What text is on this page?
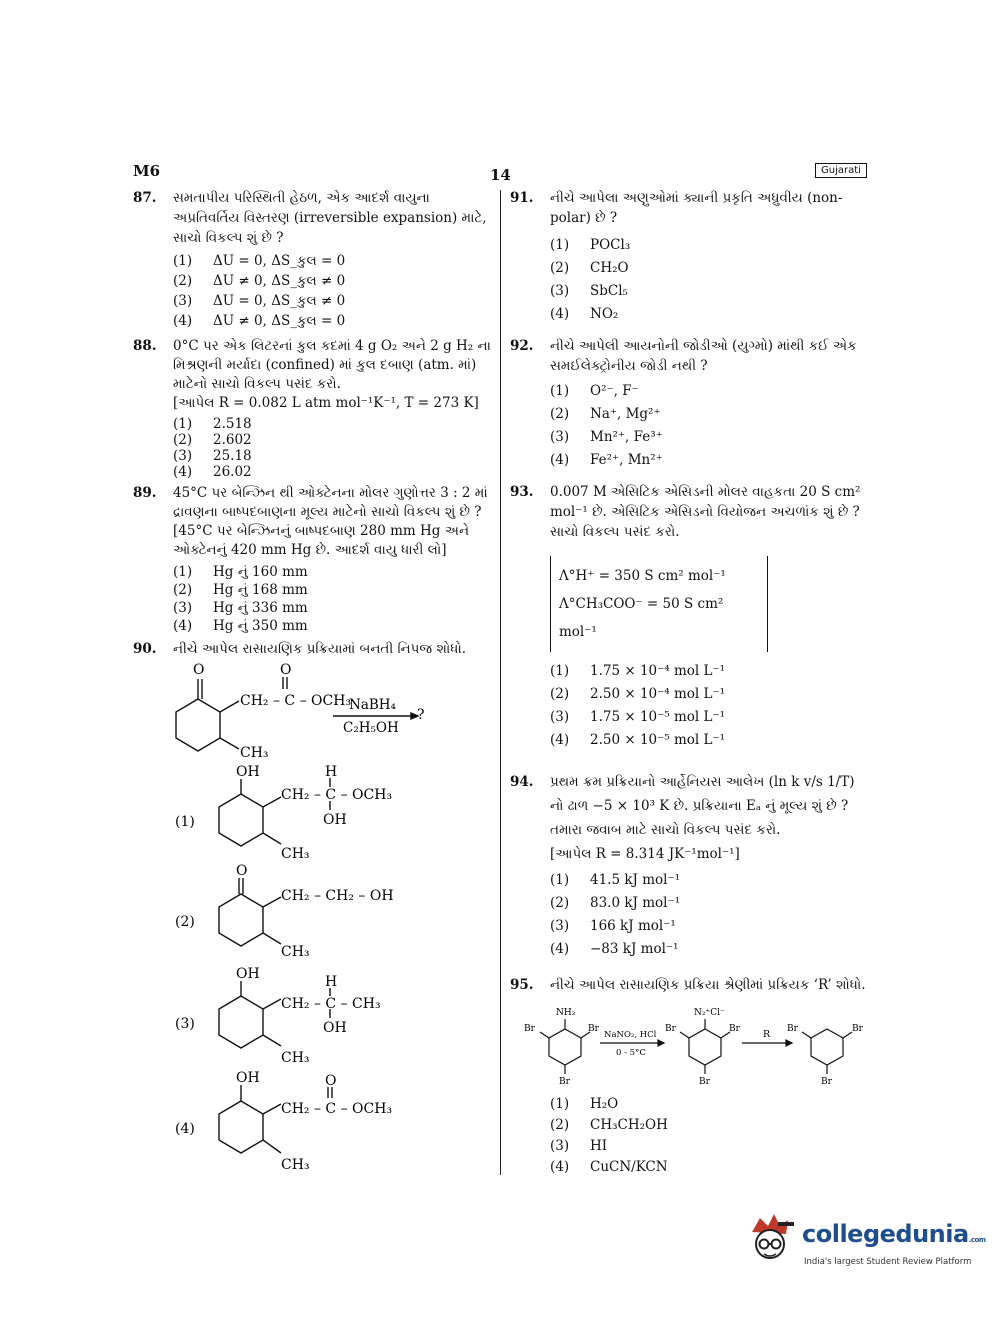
M6	14	Gujarati
87. સમતાપીય પરિસ્થિતી હેઠળ, એક આદર્શ વાયુના અપ્રતિવર્તિય વિસ્તરણ (irreversible expansion) માટે, સાચો વિકલ્પ શું છે ?
(1)	ΔU = 0, ΔS_કુલ = 0
(2)	ΔU ≠ 0, ΔS_કુલ ≠ 0
(3)	ΔU = 0, ΔS_કુલ ≠ 0
(4)	ΔU ≠ 0, ΔS_કુલ = 0
88. 0°C પર એક લિટરનાં કુલ કદમાં 4 g O₂ અને 2 g H₂ ના મિશ્રણની મર્યાદા (confined) માં કુલ દબાણ (atm. માં) માટેનો સાચો વિકલ્પ પસંદ કરો.
[આપેલ R = 0.082 L atm mol⁻¹K⁻¹, T = 273 K]
(1)	2.518
(2)	2.602
(3)	25.18
(4)	26.02
89. 45°C પર બેન્ઝિન થી ઓક્ટેનના મોલર ગુણોત્તર 3 : 2 માં દ્રાવણના બાષ્પદબાણના મૂલ્ય માટેનો સાચો વિકલ્પ શું છે ?
[45°C પર બેન્ઝિનનું બાષ્પદબાણ 280 mm Hg અને ઓક્ટેનનું 420 mm Hg છે. આદર્શ વાયુ ધારી લો]
(1)	Hg નું 160 mm
(2)	Hg નું 168 mm
(3)	Hg નું 336 mm
(4)	Hg નું 350 mm
90. નીચે આપેલ રાસાયણિક પ્રક્રિયામાં બનતી નિપજ શોધો.
O	O
CH₂ – C – OCH₃
CH₃
NaBH₄
C₂H₅OH
?
(1)
OH	H
CH₂ – C – OCH₃
OH
CH₃
(2)
O
CH₂ – CH₂ – OH
CH₃
(3)
OH	H
CH₂ – C – CH₃
OH
CH₃
(4)
OH	O
CH₂ – C – OCH₃
CH₃
91. નીચે આપેલા અણુઓમાં ક્યાની પ્રકૃતિ અધ્રુવીય (non-polar) છે ?
(1)	POCl₃
(2)	CH₂O
(3)	SbCl₅
(4)	NO₂
92. નીચે આપેલી આયનોની જોડીઓ (યુગ્મો) માંથી કઈ એક સમઈલેક્ટ્રોનીય જોડી નથી ?
(1)	O²⁻, F⁻
(2)	Na⁺, Mg²⁺
(3)	Mn²⁺, Fe³⁺
(4)	Fe²⁺, Mn²⁺
93. 0.007 M એસિટિક એસિડની મોલર વાહકતા 20 S cm² mol⁻¹ છે. એસિટિક એસિડનો વિયોજન અચળાંક શું છે ? સાચો વિકલ્પ પસંદ કરો.
Λ°H⁺ = 350 S cm² mol⁻¹
Λ°CH₃COO⁻ = 50 S cm² mol⁻¹
(1)	1.75 × 10⁻⁴ mol L⁻¹
(2)	2.50 × 10⁻⁴ mol L⁻¹
(3)	1.75 × 10⁻⁵ mol L⁻¹
(4)	2.50 × 10⁻⁵ mol L⁻¹
94. પ્રથમ ક્રમ પ્રક્રિયાનો આર્હેનિયસ આલેખ (ln k v/s 1/T) નો ઢાળ −5 × 10³ K છે. પ્રક્રિયાના Eₐ નું મૂલ્ય શું છે ? તમારા જવાબ માટે સાચો વિકલ્પ પસંદ કરો.
[આપેલ R = 8.314 JK⁻¹mol⁻¹]
(1)	41.5 kJ mol⁻¹
(2)	83.0 kJ mol⁻¹
(3)	166 kJ mol⁻¹
(4)	−83 kJ mol⁻¹
95. નીચે આપેલ રાસાયણિક પ્રક્રિયા શ્રેણીમાં પ્રક્રિયક ‘R’ શોધો.
NH₂
Br	Br
Br
NaNO₂, HCl
0 - 5°C
N₂⁺Cl⁻
Br	Br
Br
R Br	Br
Br
(1)	H₂O
(2)	CH₃CH₂OH
(3)	HI
(4)	CuCN/KCN
collegedunia.com
India's largest Student Review Platform
